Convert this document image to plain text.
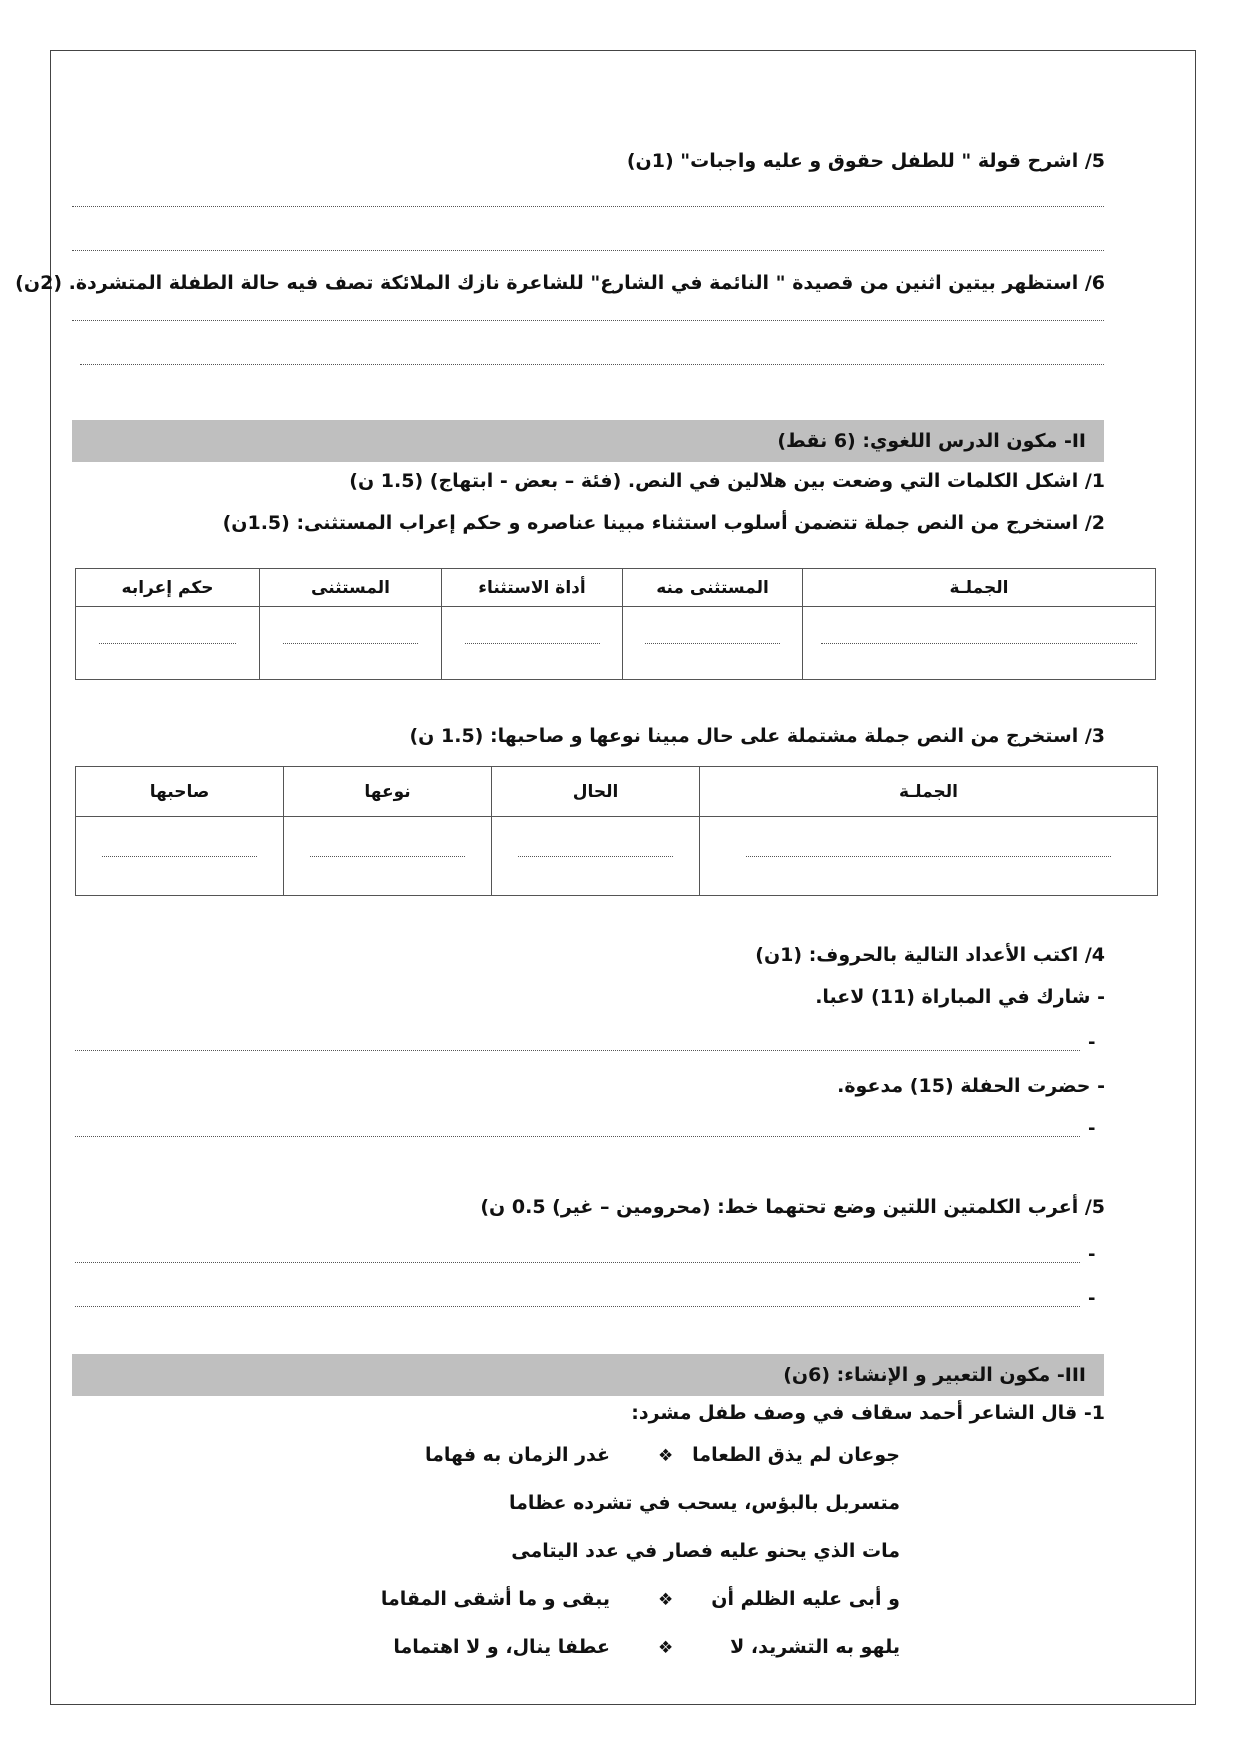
5/ اشرح قولة " للطفل حقوق و عليه واجبات" (1ن)
6/ استظهر بيتين اثنين من قصيدة " النائمة في الشارع" للشاعرة نازك الملائكة تصف فيه حالة الطفلة المتشردة. (2ن)
II- مكون الدرس اللغوي: (6 نقط)
1/ اشكل الكلمات التي وضعت بين هلالين في النص. (فئة – بعض - ابتهاج) (1.5 ن)
2/ استخرج من النص جملة تتضمن أسلوب استثناء مبينا عناصره و حكم إعراب المستثنى: (1.5ن)
الجملـة	المستثنى منه	أداة الاستثناء	المستثنى	حكم إعرابه

3/ استخرج من النص جملة مشتملة على حال مبينا نوعها و صاحبها: (1.5 ن)
الجملـة	الحال	نوعها	صاحبها

4/ اكتب الأعداد التالية بالحروف: (1ن)
- شارك في المباراة (11) لاعبا.
-
- حضرت الحفلة (15) مدعوة.
-
5/ أعرب الكلمتين اللتين وضع تحتهما خط: (محرومين – غير) 0.5 ن)
-
-
III- مكون التعبير و الإنشاء: (6ن)
1- قال الشاعر أحمد سقاف في وصف طفل مشرد:
جوعان لم يذق الطعاما
❖
غدر الزمان به فهاما
متسربل بالبؤس، يسحب في تشرده عظاما
مات الذي يحنو عليه فصار في عدد اليتامى
و أبى عليه الظلم أن
❖
يبقى و ما أشقى المقاما
يلهو به التشريد، لا
❖
عطفا ينال، و لا اهتماما
